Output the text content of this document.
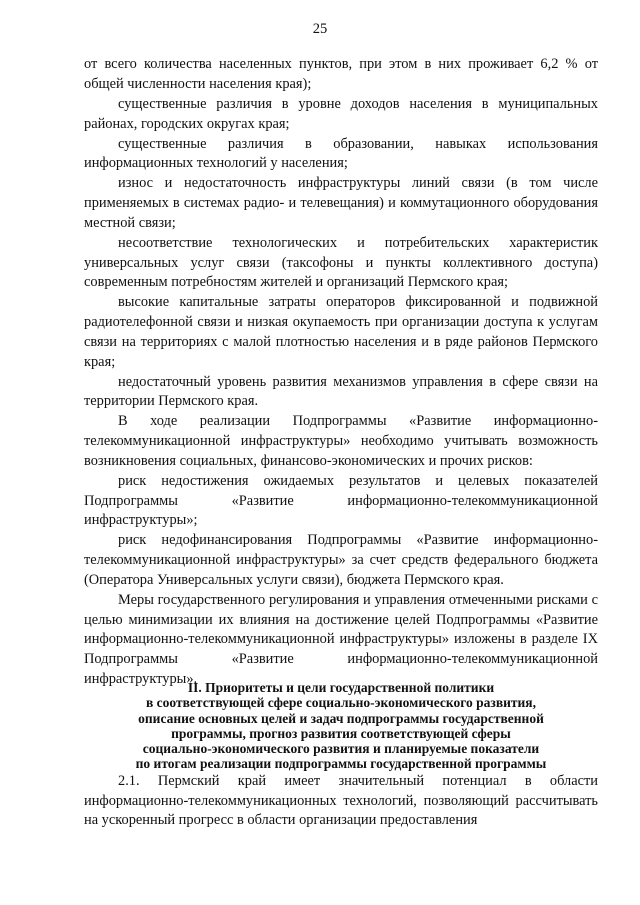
25

от всего количества населенных пунктов, при этом в них проживает 6,2 % от общей численности населения края);

существенные различия в уровне доходов населения в муниципальных районах, городских округах края;

существенные различия в образовании, навыках использования информационных технологий у населения;

износ и недостаточность инфраструктуры линий связи (в том числе применяемых в системах радио- и телевещания) и коммутационного оборудования местной связи;

несоответствие технологических и потребительских характеристик универсальных услуг связи (таксофоны и пункты коллективного доступа) современным потребностям жителей и организаций Пермского края;

высокие капитальные затраты операторов фиксированной и подвижной радиотелефонной связи и низкая окупаемость при организации доступа к услугам связи на территориях с малой плотностью населения и в ряде районов Пермского края;

недостаточный уровень развития механизмов управления в сфере связи на территории Пермского края.

В ходе реализации Подпрограммы «Развитие информационно-телекоммуникационной инфраструктуры» необходимо учитывать возможность возникновения социальных, финансово-экономических и прочих рисков:

риск недостижения ожидаемых результатов и целевых показателей Подпрограммы «Развитие информационно-телекоммуникационной инфраструктуры»;

риск недофинансирования Подпрограммы «Развитие информационно-телекоммуникационной инфраструктуры» за счет средств федерального бюджета (Оператора Универсальных услуги связи), бюджета Пермского края.

Меры государственного регулирования и управления отмеченными рисками с целью минимизации их влияния на достижение целей Подпрограммы «Развитие информационно-телекоммуникационной инфраструктуры» изложены в разделе IX Подпрограммы «Развитие информационно-телекоммуникационной инфраструктуры».

II. Приоритеты и цели государственной политики
в соответствующей сфере социально-экономического развития,
описание основных целей и задач подпрограммы государственной
программы, прогноз развития соответствующей сферы
социально-экономического развития и планируемые показатели
по итогам реализации подпрограммы государственной программы

2.1. Пермский край имеет значительный потенциал в области информационно-телекоммуникационных технологий, позволяющий рассчитывать на ускоренный прогресс в области организации предоставления
